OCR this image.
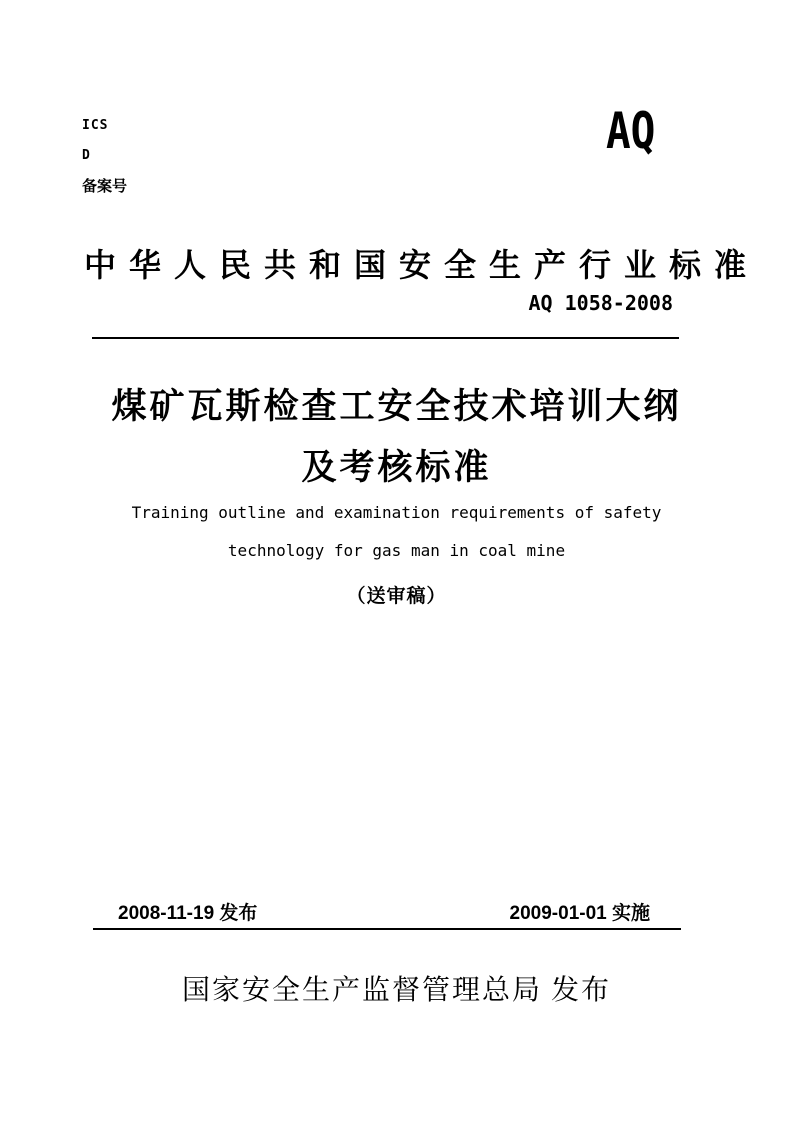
ICS
D
备案号
AQ
中华人民共和国安全生产行业标准
AQ 1058-2008
煤矿瓦斯检查工安全技术培训大纲
及考核标准
Training outline and examination requirements of safety
technology for gas man in coal mine
（送审稿）
2008-11-19 发布	2009-01-01 实施
国家安全生产监督管理总局 发布
